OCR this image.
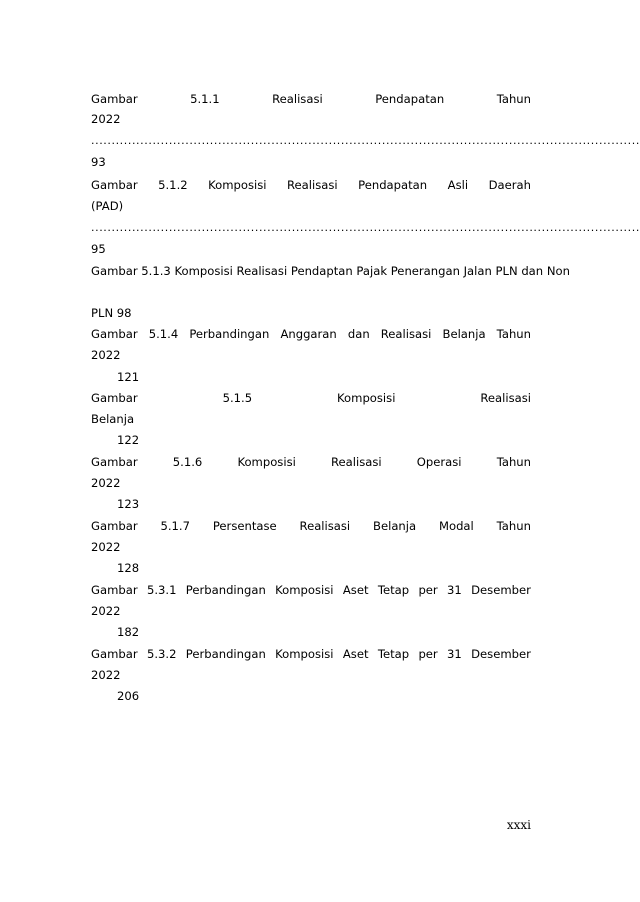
Gambar	5.1.1	Realisasi	Pendapatan	Tahun
2022
......................................................................................................................................
93
Gambar 5.1.2 Komposisi Realisasi Pendapatan Asli Daerah
(PAD)
......................................................................................................................................
95
Gambar 5.1.3 Komposisi Realisasi Pendaptan Pajak Penerangan Jalan PLN dan Non
PLN 98
Gambar 5.1.4 Perbandingan Anggaran dan Realisasi Belanja Tahun
2022
121
Gambar	5.1.5	Komposisi	Realisasi
Belanja
122
Gambar	5.1.6	Komposisi	Realisasi	Operasi	Tahun
2022
123
Gambar 5.1.7 Persentase Realisasi Belanja Modal Tahun
2022
128
Gambar 5.3.1 Perbandingan Komposisi Aset Tetap per 31 Desember
2022
182
Gambar 5.3.2 Perbandingan Komposisi Aset Tetap per 31 Desember
2022
206
xxxi
